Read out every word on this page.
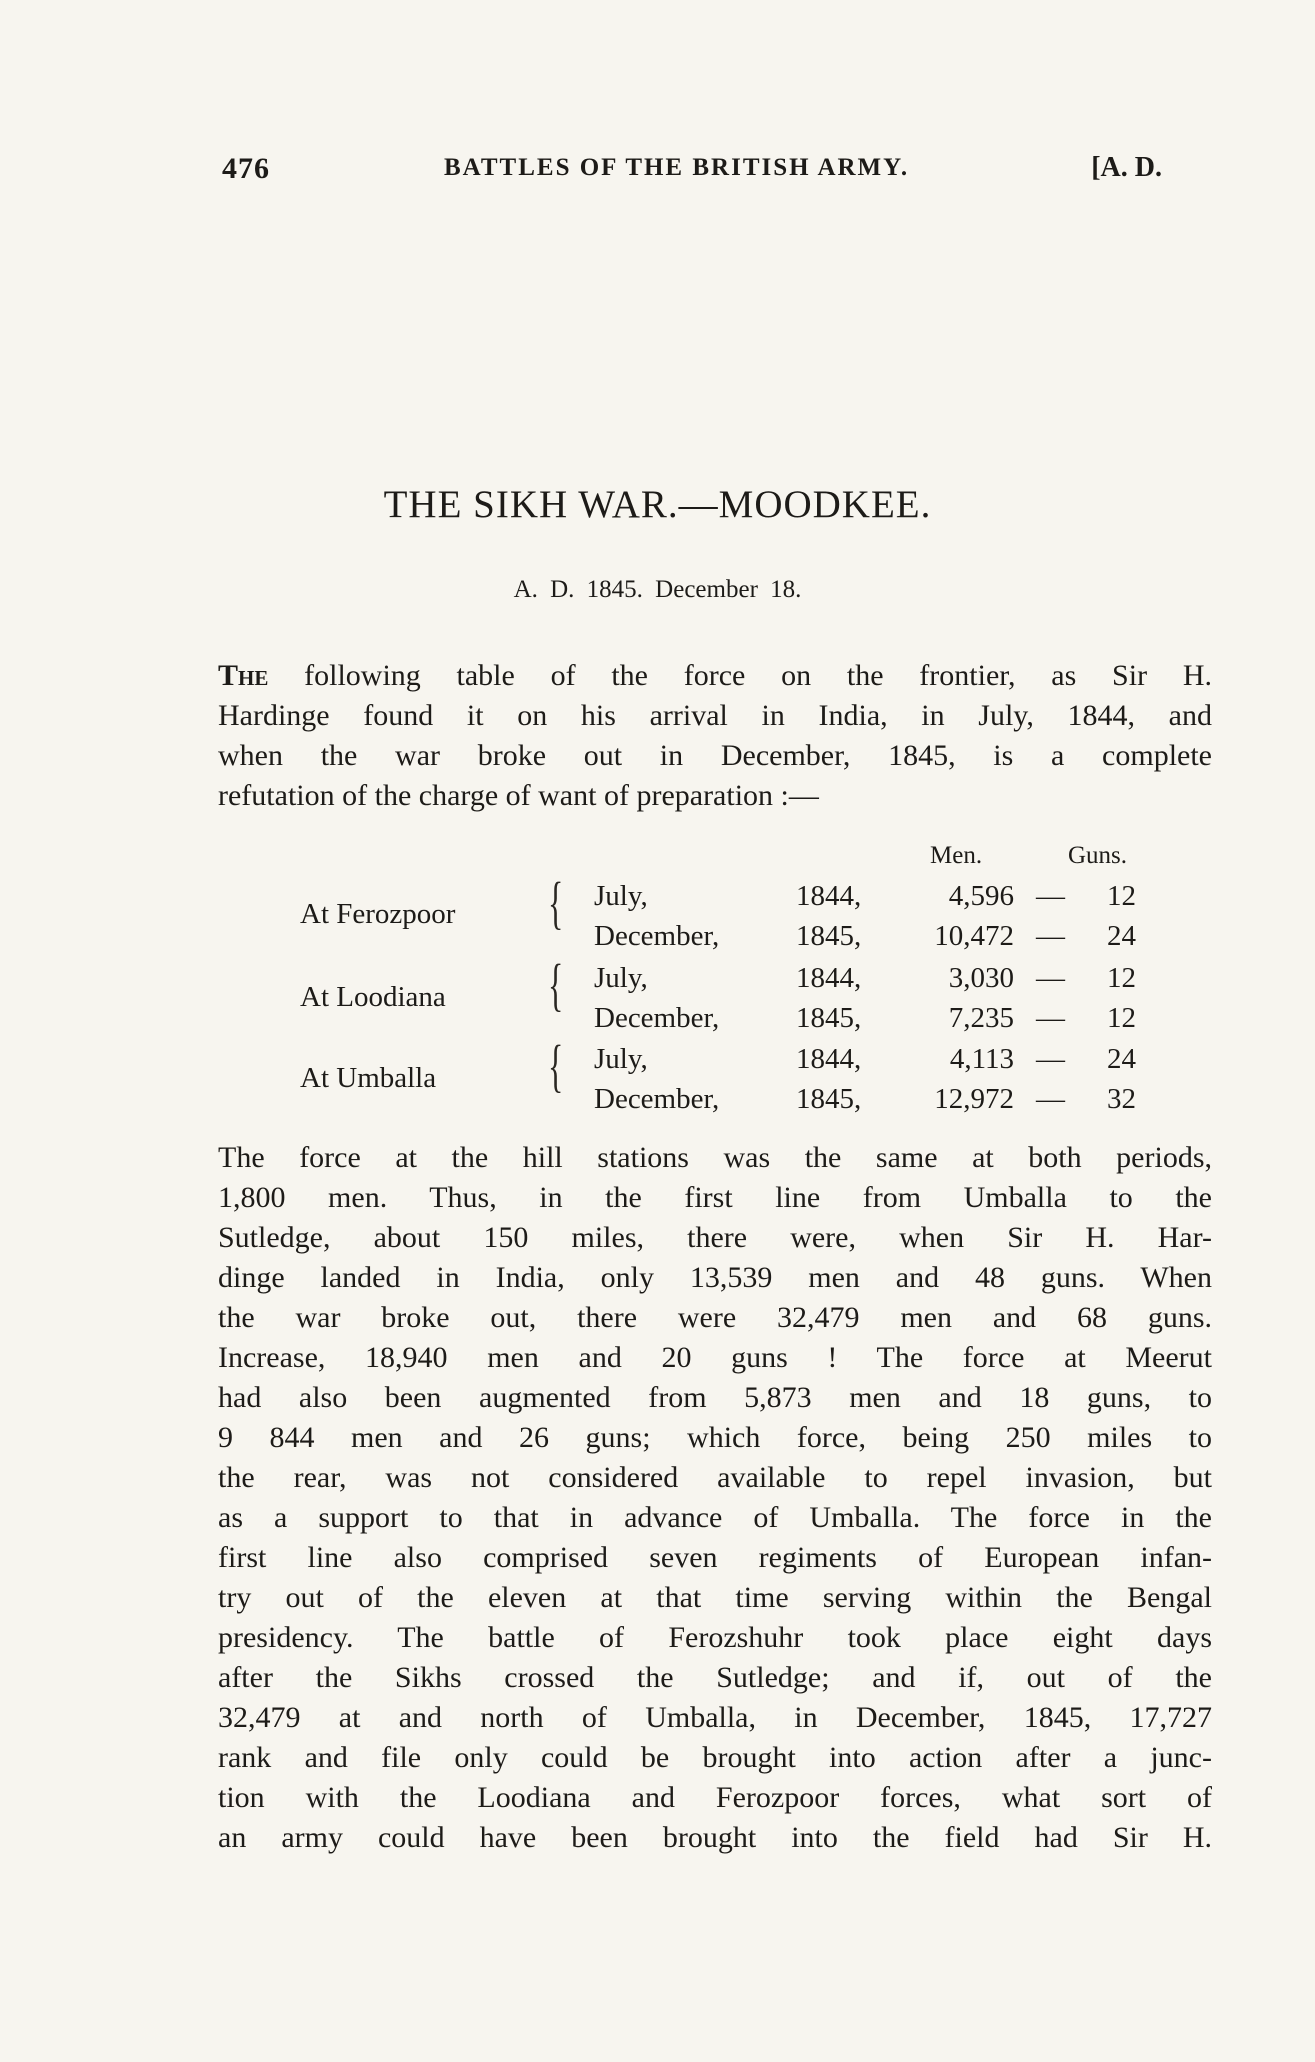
476	BATTLES OF THE BRITISH ARMY.	[A. D.
THE SIKH WAR.—MOODKEE.
A. D. 1845. December 18.
The following table of the force on the frontier, as Sir H.
Hardinge found it on his arrival in India, in July, 1844, and
when the war broke out in December, 1845, is a complete
refutation of the charge of want of preparation :—
Men.	Guns.
At Ferozpoor { July,	1844,	4,596 —	12
December,	1845,	10,472 —	24
At Loodiana { July,	1844,	3,030 —	12
December,	1845,	7,235 —	12
At Umballa { July,	1844,	4,113 —	24
December,	1845,	12,972 —	32
The force at the hill stations was the same at both periods,
1,800 men. Thus, in the first line from Umballa to the
Sutledge, about 150 miles, there were, when Sir H. Har-
dinge landed in India, only 13,539 men and 48 guns. When
the war broke out, there were 32,479 men and 68 guns.
Increase, 18,940 men and 20 guns ! The force at Meerut
had also been augmented from 5,873 men and 18 guns, to
9 844 men and 26 guns; which force, being 250 miles to
the rear, was not considered available to repel invasion, but
as a support to that in advance of Umballa. The force in the
first line also comprised seven regiments of European infan-
try out of the eleven at that time serving within the Bengal
presidency. The battle of Ferozshuhr took place eight days
after the Sikhs crossed the Sutledge; and if, out of the
32,479 at and north of Umballa, in December, 1845, 17,727
rank and file only could be brought into action after a junc-
tion with the Loodiana and Ferozpoor forces, what sort of
an army could have been brought into the field had Sir H.
